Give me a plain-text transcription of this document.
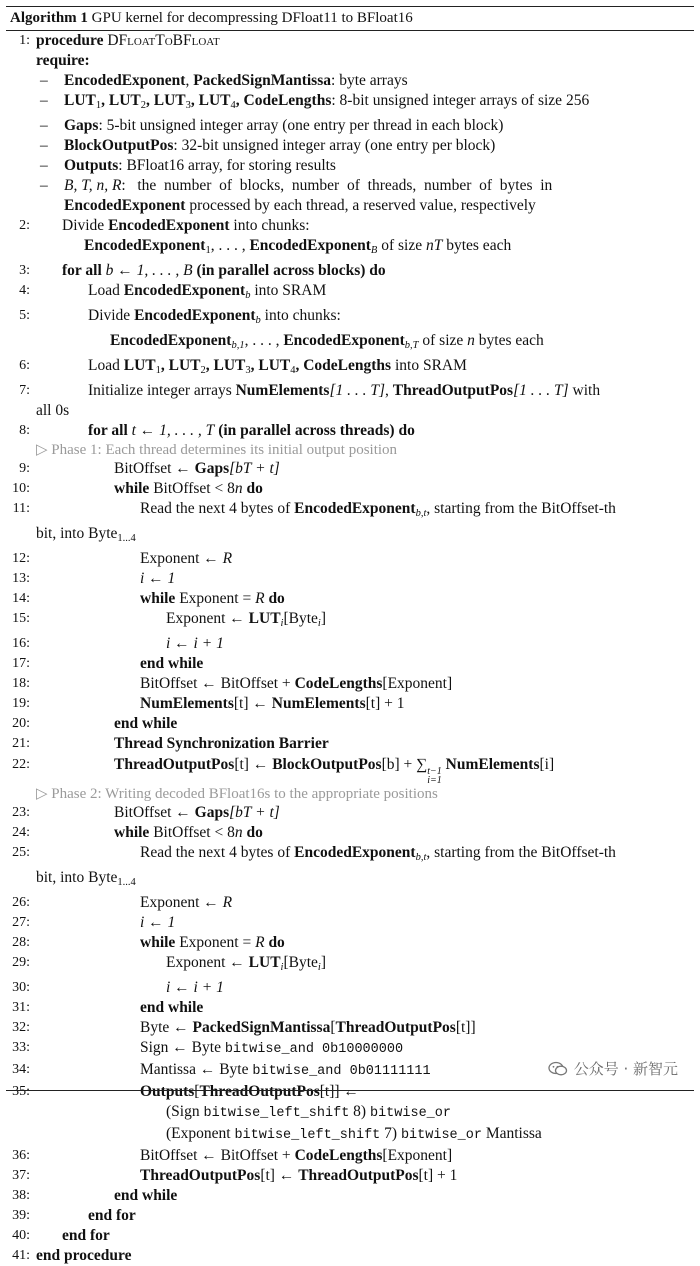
Algorithm 1 GPU kernel for decompressing DFloat11 to BFloat16
1: procedure DFloatToBFloat
require:
– EncodedExponent, PackedSignMantissa: byte arrays
– $LUT_1$, $LUT_2$, $LUT_3$, $LUT_4$, CodeLengths: 8-bit unsigned integer arrays of size 256
– Gaps: 5-bit unsigned integer array (one entry per thread in each block)
– BlockOutputPos: 32-bit unsigned integer array (one entry per block)
– Outputs: BFloat16 array, for storing results
– B, T, n, R:   the  number  of  blocks,  number  of  threads,  number  of  bytes  in
EncodedExponent processed by each thread, a reserved value, respectively
2: Divide EncodedExponent into chunks:
EncodedExponent$_1$, . . . , EncodedExponent$_B$ of size nT bytes each
3: for all b ← 1, . . . , B (in parallel across blocks) do
4:	Load EncodedExponent$_b$ into SRAM
5:	Divide EncodedExponent$_b$ into chunks:
EncodedExponent$_{b,1}$, . . . , EncodedExponent$_{b,T}$ of size n bytes each
6:	Load $LUT_1$, $LUT_2$, $LUT_3$, $LUT_4$, CodeLengths into SRAM
7:	Initialize integer arrays NumElements[1 . . . T], ThreadOutputPos[1 . . . T] with
all 0s
8:	for all t ← 1, . . . , T (in parallel across threads) do
▷ Phase 1: Each thread determines its initial output position
9:	BitOffset ← Gaps[bT + t]
10:	while BitOffset < 8n do
11:	Read the next 4 bytes of EncodedExponent$_{b,t}$, starting from the BitOffset-th
bit, into Byte$_{1...4}$
12:	Exponent ← R
13:	i ← 1
14:	while Exponent = R do
15:	Exponent ← $LUT_i[Byte_i]$
16:	i ← i + 1
17:	end while
18:	BitOffset ← BitOffset + CodeLengths[Exponent]
19:	NumElements[t] ← NumElements[t] + 1
20:	end while
21:	Thread Synchronization Barrier
22:	ThreadOutputPos[t] ← BlockOutputPos[b] + ∑ t−1
i=1
NumElements[i]
▷ Phase 2: Writing decoded BFloat16s to the appropriate positions
23:	BitOffset ← Gaps[bT + t]
24:	while BitOffset < 8n do
25:	Read the next 4 bytes of EncodedExponent$_{b,t}$, starting from the BitOffset-th
bit, into Byte$_{1...4}$
26:	Exponent ← R
27:	i ← 1
28:	while Exponent = R do
29:	Exponent ← $LUT_i[Byte_i]$
30:	i ← i + 1
31:	end while
32:	Byte ← PackedSignMantissa[ThreadOutputPos[t]]
33:	Sign ← Byte bitwise_and 0b10000000
34:	Mantissa ← Byte bitwise_and 0b01111111
35:	Outputs[ThreadOutputPos[t]] ←
(Sign bitwise_left_shift 8) bitwise_or
(Exponent bitwise_left_shift 7) bitwise_or Mantissa
36:	BitOffset ← BitOffset + CodeLengths[Exponent]
37:	ThreadOutputPos[t] ← ThreadOutputPos[t] + 1
38:	end while
39:	end for
40: end for
41: end procedure
公众号 · 新智元
